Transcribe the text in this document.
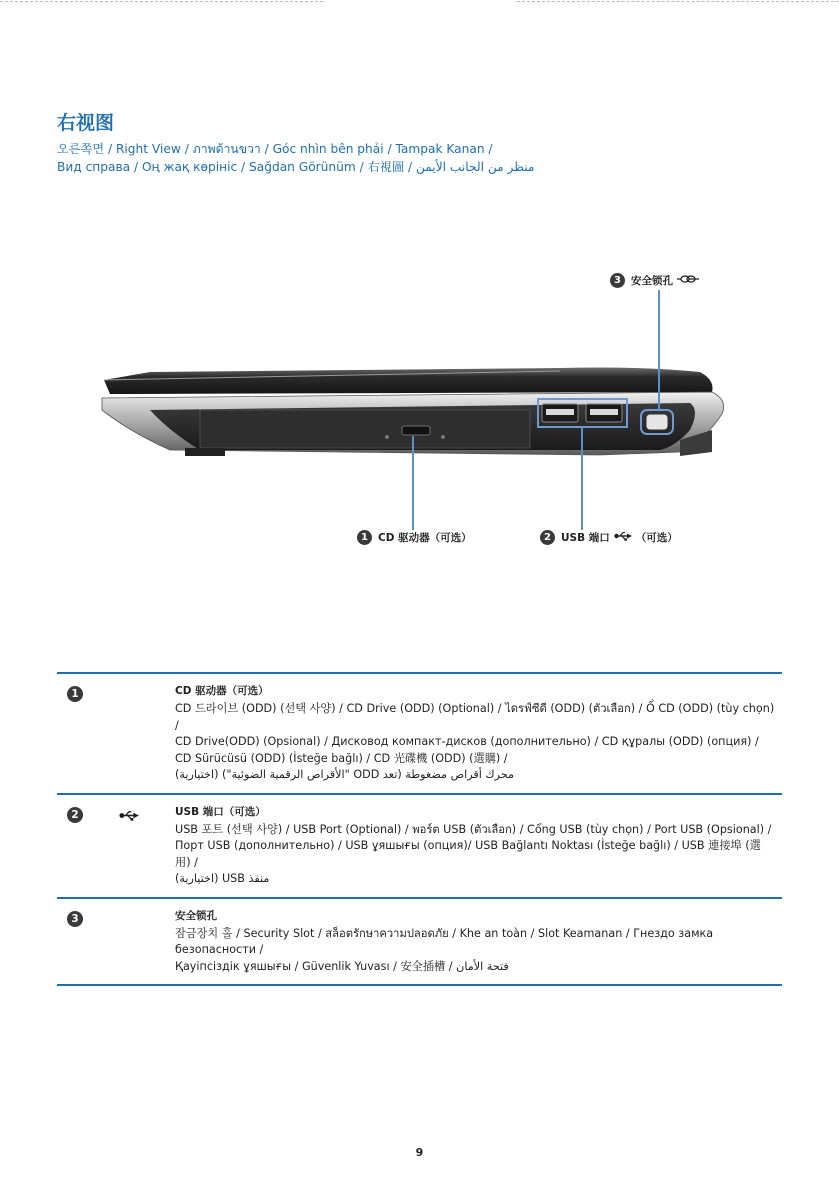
右视图
오른쪽면 / Right View / ภาพด้านขวา / Góc nhìn bên phải / Tampak Kanan /
Вид справа / Оң жақ көрініс / Sağdan Görünüm / 右視圖 / منظر من الجانب الأيمن
3 安全锁孔
1 CD 驱动器（可选）	2 USB 端口 （可选）
1	CD 驱动器（可选）
CD 드라이브 (ODD) (선택 사양) / CD Drive (ODD) (Optional) / ไดรฟ์ซีดี (ODD) (ตัวเลือก) / Ổ CD (ODD) (tùy chọn) /
CD Drive(ODD) (Opsional) / Дисковод компакт-дисков (дополнительно) / CD құралы (ODD) (опция) /
CD Sürücüsü (ODD) (İsteğe bağlı) / CD 光碟機 (ODD) (選購) /
محرك أقراص مضغوطة (تعد ODD "الأقراص الرقمية الضوئية") (اختيارية)
2	USB 端口（可选）
USB 포트 (선택 사양) / USB Port (Optional) / พอร์ต USB (ตัวเลือก) / Cổng USB (tùy chọn) / Port USB (Opsional) /
Порт USB (дополнительно) / USB ұяшығы (опция)/ USB Bağlantı Noktası (İsteğe bağlı) / USB 連接埠 (選用) /
منفذ USB (اختيارية)
3	安全锁孔
잠금장치 홀 / Security Slot / สล็อตรักษาความปลอดภัย / Khe an toàn / Slot Keamanan / Гнездо замка безопасности /
Қауіпсіздік ұяшығы / Güvenlik Yuvası / 安全插槽 / فتحة الأمان
9
